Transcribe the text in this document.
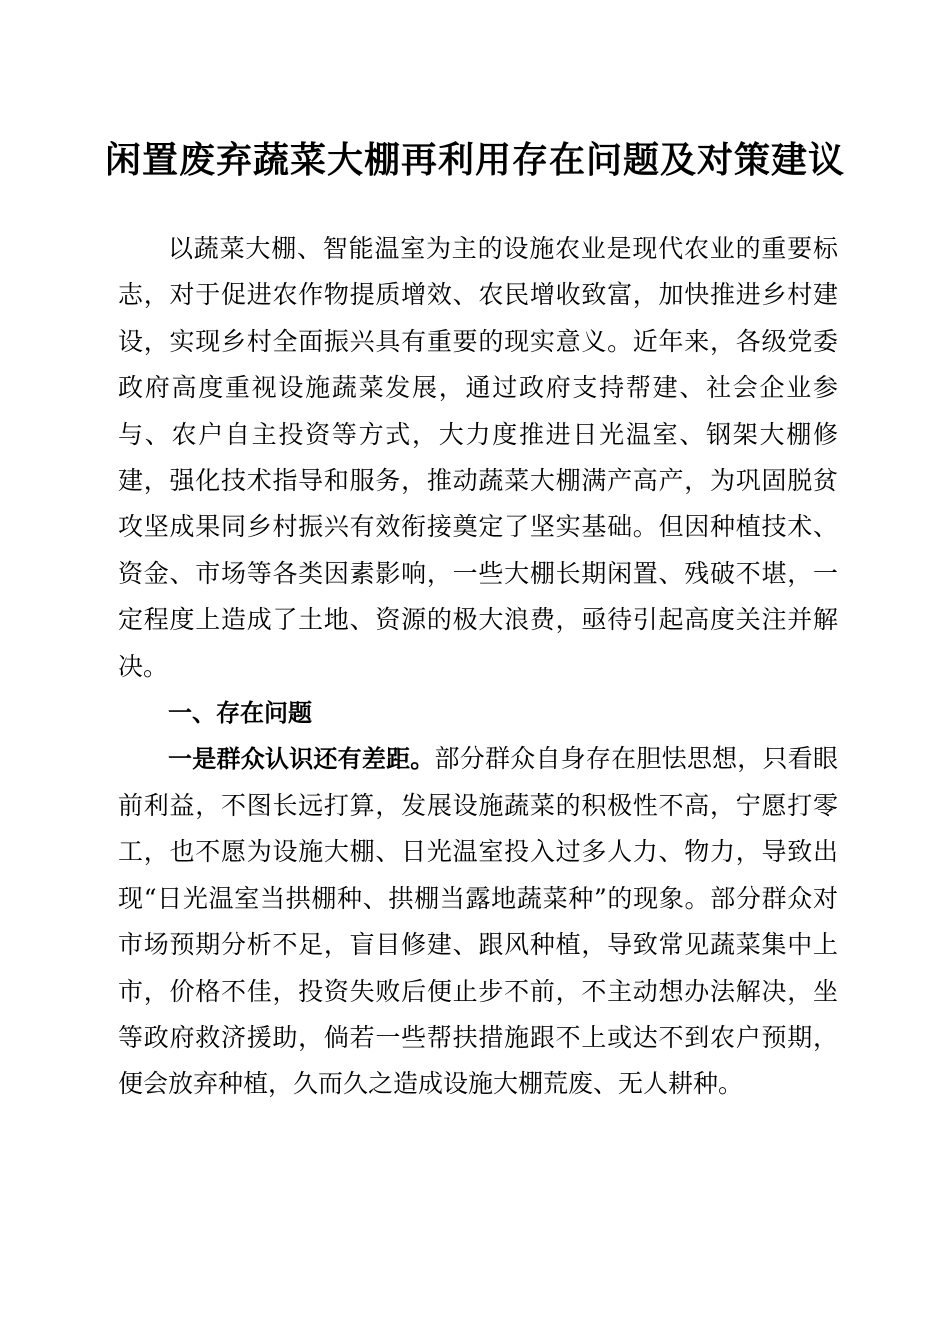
闲置废弃蔬菜大棚再利用存在问题及对策建议

以蔬菜大棚、智能温室为主的设施农业是现代农业的重要标志，对于促进农作物提质增效、农民增收致富，加快推进乡村建设，实现乡村全面振兴具有重要的现实意义。近年来，各级党委政府高度重视设施蔬菜发展，通过政府支持帮建、社会企业参与、农户自主投资等方式，大力度推进日光温室、钢架大棚修建，强化技术指导和服务，推动蔬菜大棚满产高产，为巩固脱贫攻坚成果同乡村振兴有效衔接奠定了坚实基础。但因种植技术、资金、市场等各类因素影响，一些大棚长期闲置、残破不堪，一定程度上造成了土地、资源的极大浪费，亟待引起高度关注并解决。

一、存在问题

一是群众认识还有差距。部分群众自身存在胆怯思想，只看眼前利益，不图长远打算，发展设施蔬菜的积极性不高，宁愿打零工，也不愿为设施大棚、日光温室投入过多人力、物力，导致出现“日光温室当拱棚种、拱棚当露地蔬菜种”的现象。部分群众对市场预期分析不足，盲目修建、跟风种植，导致常见蔬菜集中上市，价格不佳，投资失败后便止步不前，不主动想办法解决，坐等政府救济援助，倘若一些帮扶措施跟不上或达不到农户预期，便会放弃种植，久而久之造成设施大棚荒废、无人耕种。
